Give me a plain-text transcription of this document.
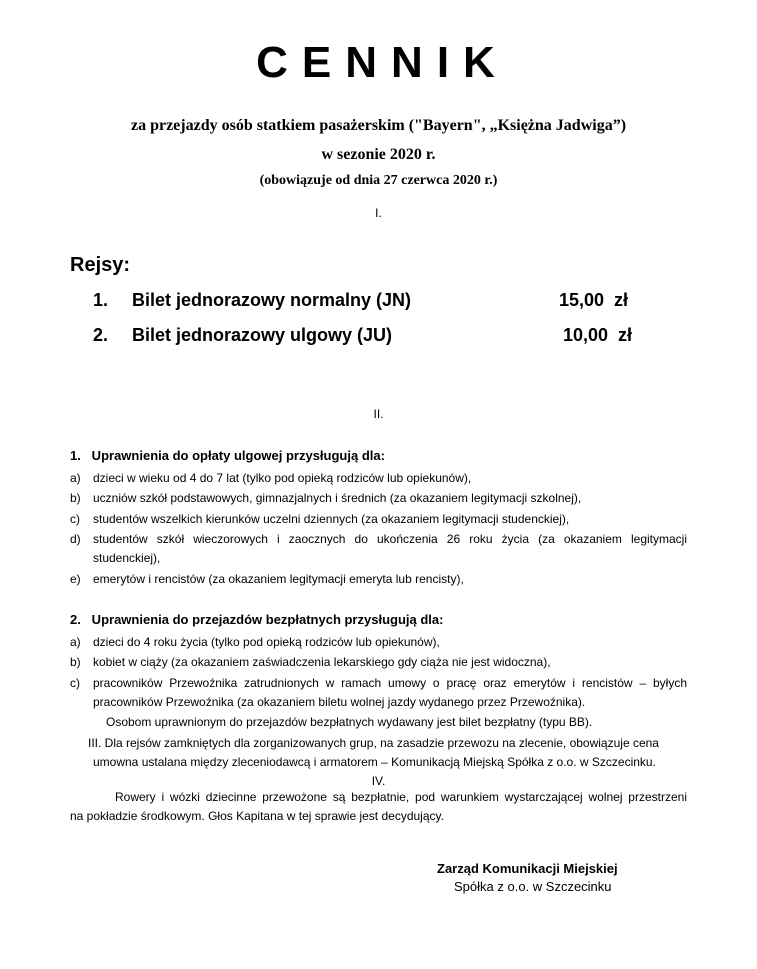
CENNIK
za przejazdy osób statkiem pasażerskim ("Bayern", „Księżna Jadwiga”)
w sezonie 2020 r.
(obowiązuje od dnia 27 czerwca 2020 r.)
I.
Rejsy:
1. Bilet jednorazowy normalny (JN)	15,00  zł
2. Bilet jednorazowy ulgowy (JU)	10,00  zł
II.
1.   Uprawnienia do opłaty ulgowej przysługują dla:
a) dzieci w wieku od 4 do 7 lat (tylko pod opieką rodziców lub opiekunów),
b) uczniów szkół podstawowych, gimnazjalnych i średnich (za okazaniem legitymacji szkolnej),
c) studentów wszelkich kierunków uczelni dziennych (za okazaniem legitymacji studenckiej),
d)	studentów szkół wieczorowych i zaocznych do ukończenia 26 roku życia (za okazaniem legitymacji
studenckiej),
e) emerytów i rencistów (za okazaniem legitymacji emeryta lub rencisty),
2.   Uprawnienia do przejazdów bezpłatnych przysługują dla:
a) dzieci do 4 roku życia (tylko pod opieką rodziców lub opiekunów),
b) kobiet w ciąży (za okazaniem zaświadczenia lekarskiego gdy ciąża nie jest widoczna),
c)	pracowników Przewoźnika zatrudnionych w ramach umowy o pracę oraz emerytów i rencistów – byłych
pracowników Przewoźnika (za okazaniem biletu wolnej jazdy wydanego przez Przewoźnika).
Osobom uprawnionym do przejazdów bezpłatnych wydawany jest bilet bezpłatny (typu BB).
III. Dla rejsów zamkniętych dla zorganizowanych grup, na zasadzie przewozu na zlecenie, obowiązuje cena
umowna ustalana między zleceniodawcą i armatorem – Komunikacją Miejską Spółka z o.o. w Szczecinku.
IV.
Rowery i wózki dziecinne przewożone są bezpłatnie, pod warunkiem wystarczającej wolnej przestrzeni
na pokładzie środkowym. Głos Kapitana w tej sprawie jest decydujący.
Zarząd Komunikacji Miejskiej
Spółka z o.o. w Szczecinku
